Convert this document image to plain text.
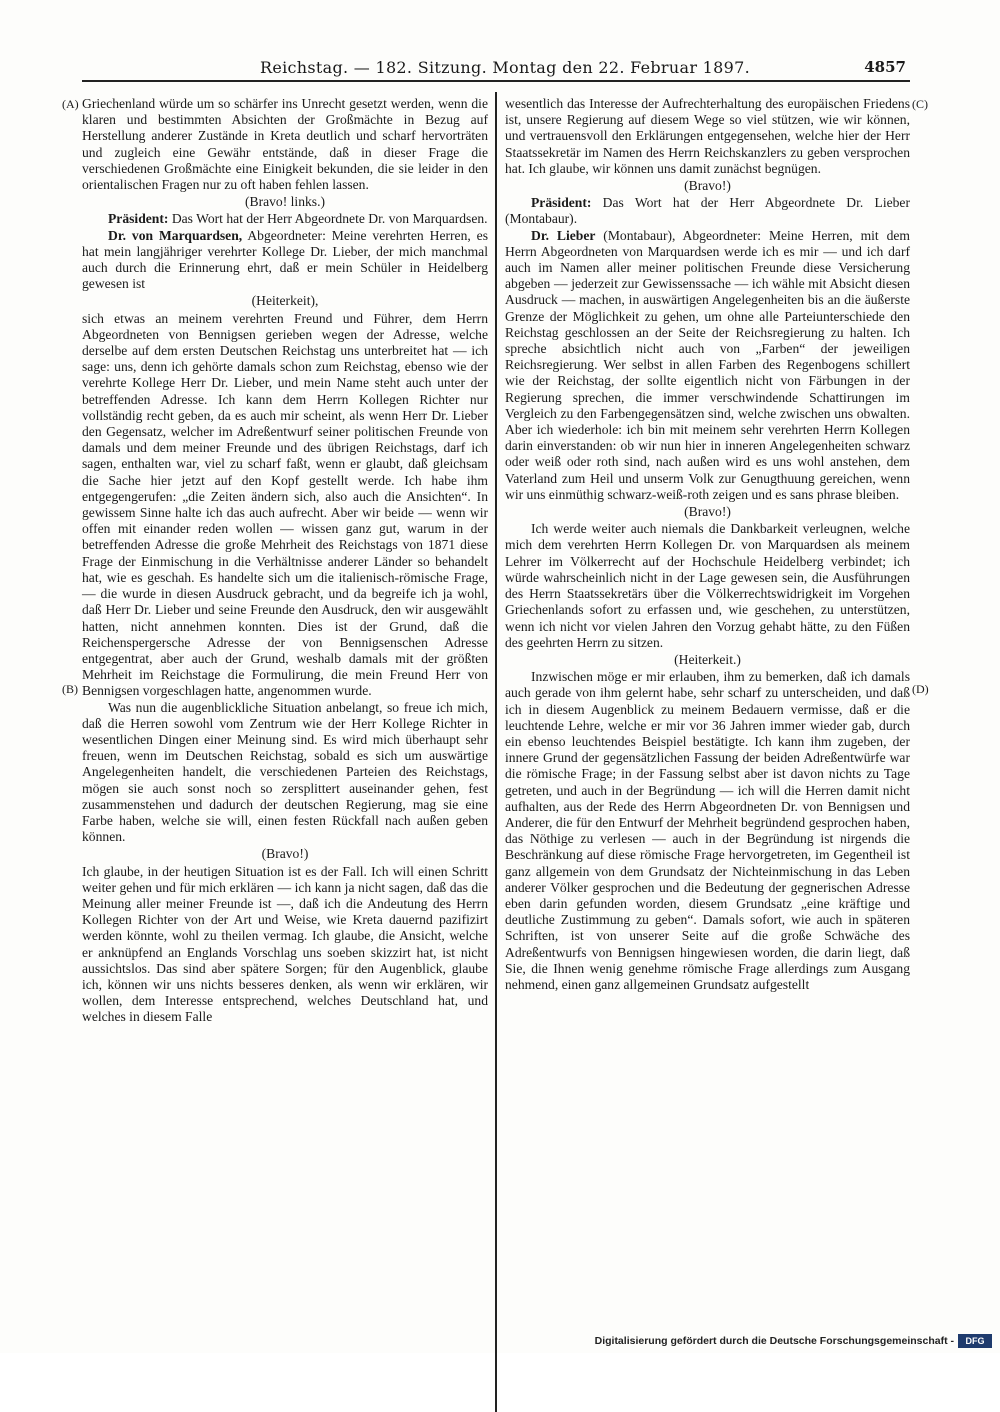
Reichstag. — 182. Sitzung. Montag den 22. Februar 1897.	4857
(A)
(B)
(C)
(D)

Griechenland würde um so schärfer ins Unrecht gesetzt werden, wenn die klaren und bestimmten Absichten der Großmächte in Bezug auf Herstellung anderer Zustände in Kreta deutlich und scharf hervorträten und zugleich eine Gewähr entstände, daß in dieser Frage die verschiedenen Großmächte eine Einigkeit bekunden, die sie leider in den orientalischen Fragen nur zu oft haben fehlen lassen.

(Bravo! links.)

Präsident: Das Wort hat der Herr Abgeordnete Dr. von Marquardsen.

Dr. von Marquardsen, Abgeordneter: Meine verehrten Herren, es hat mein langjähriger verehrter Kollege Dr. Lieber, der mich manchmal auch durch die Erinnerung ehrt, daß er mein Schüler in Heidelberg gewesen ist

(Heiterkeit),

sich etwas an meinem verehrten Freund und Führer, dem Herrn Abgeordneten von Bennigsen gerieben wegen der Adresse, welche derselbe auf dem ersten Deutschen Reichstag uns unterbreitet hat — ich sage: uns, denn ich gehörte damals schon zum Reichstag, ebenso wie der verehrte Kollege Herr Dr. Lieber, und mein Name steht auch unter der betreffenden Adresse. Ich kann dem Herrn Kollegen Richter nur vollständig recht geben, da es auch mir scheint, als wenn Herr Dr. Lieber den Gegensatz, welcher im Adreßentwurf seiner politischen Freunde von damals und dem meiner Freunde und des übrigen Reichstags, darf ich sagen, enthalten war, viel zu scharf faßt, wenn er glaubt, daß gleichsam die Sache hier jetzt auf den Kopf gestellt werde. Ich habe ihm entgegengerufen: „die Zeiten ändern sich, also auch die Ansichten“. In gewissem Sinne halte ich das auch aufrecht. Aber wir beide — wenn wir offen mit einander reden wollen — wissen ganz gut, warum in der betreffenden Adresse die große Mehrheit des Reichstags von 1871 diese Frage der Einmischung in die Verhältnisse anderer Länder so behandelt hat, wie es geschah. Es handelte sich um die italienisch-römische Frage, — die wurde in diesen Ausdruck gebracht, und da begreife ich ja wohl, daß Herr Dr. Lieber und seine Freunde den Ausdruck, den wir ausgewählt hatten, nicht annehmen konnten. Dies ist der Grund, daß die Reichenspergersche Adresse der von Bennigsenschen Adresse entgegentrat, aber auch der Grund, weshalb damals mit der größten Mehrheit im Reichstage die Formulirung, die mein Freund Herr von Bennigsen vorgeschlagen hatte, angenommen wurde.

Was nun die augenblickliche Situation anbelangt, so freue ich mich, daß die Herren sowohl vom Zentrum wie der Herr Kollege Richter in wesentlichen Dingen einer Meinung sind. Es wird mich überhaupt sehr freuen, wenn im Deutschen Reichstag, sobald es sich um auswärtige Angelegenheiten handelt, die verschiedenen Parteien des Reichstags, mögen sie auch sonst noch so zersplittert auseinander gehen, fest zusammenstehen und dadurch der deutschen Regierung, mag sie eine Farbe haben, welche sie will, einen festen Rückfall nach außen geben können.

(Bravo!)

Ich glaube, in der heutigen Situation ist es der Fall. Ich will einen Schritt weiter gehen und für mich erklären — ich kann ja nicht sagen, daß das die Meinung aller meiner Freunde ist —, daß ich die Andeutung des Herrn Kollegen Richter von der Art und Weise, wie Kreta dauernd pazifizirt werden könnte, wohl zu theilen vermag. Ich glaube, die Ansicht, welche er anknüpfend an Englands Vorschlag uns soeben skizzirt hat, ist nicht aussichtslos. Das sind aber spätere Sorgen; für den Augenblick, glaube ich, können wir uns nichts besseres denken, als wenn wir erklären, wir wollen, dem Interesse entsprechend, welches Deutschland hat, und welches in diesem Falle

wesentlich das Interesse der Aufrechterhaltung des europäischen Friedens ist, unsere Regierung auf diesem Wege so viel stützen, wie wir können, und vertrauensvoll den Erklärungen entgegensehen, welche hier der Herr Staatssekretär im Namen des Herrn Reichskanzlers zu geben versprochen hat. Ich glaube, wir können uns damit zunächst begnügen.

(Bravo!)

Präsident: Das Wort hat der Herr Abgeordnete Dr. Lieber (Montabaur).

Dr. Lieber (Montabaur), Abgeordneter: Meine Herren, mit dem Herrn Abgeordneten von Marquardsen werde ich es mir — und ich darf auch im Namen aller meiner politischen Freunde diese Versicherung abgeben — jederzeit zur Gewissenssache — ich wähle mit Absicht diesen Ausdruck — machen, in auswärtigen Angelegenheiten bis an die äußerste Grenze der Möglichkeit zu gehen, um ohne alle Parteiunterschiede den Reichstag geschlossen an der Seite der Reichsregierung zu halten. Ich spreche absichtlich nicht auch von „Farben“ der jeweiligen Reichsregierung. Wer selbst in allen Farben des Regenbogens schillert wie der Reichstag, der sollte eigentlich nicht von Färbungen in der Regierung sprechen, die immer verschwindende Schattirungen im Vergleich zu den Farbengegensätzen sind, welche zwischen uns obwalten. Aber ich wiederhole: ich bin mit meinem sehr verehrten Herrn Kollegen darin einverstanden: ob wir nun hier in inneren Angelegenheiten schwarz oder weiß oder roth sind, nach außen wird es uns wohl anstehen, dem Vaterland zum Heil und unserm Volk zur Genugthuung gereichen, wenn wir uns einmüthig schwarz-weiß-roth zeigen und es sans phrase bleiben.

(Bravo!)

Ich werde weiter auch niemals die Dankbarkeit verleugnen, welche mich dem verehrten Herrn Kollegen Dr. von Marquardsen als meinem Lehrer im Völkerrecht auf der Hochschule Heidelberg verbindet; ich würde wahrscheinlich nicht in der Lage gewesen sein, die Ausführungen des Herrn Staatssekretärs über die Völkerrechtswidrigkeit im Vorgehen Griechenlands sofort zu erfassen und, wie geschehen, zu unterstützen, wenn ich nicht vor vielen Jahren den Vorzug gehabt hätte, zu den Füßen des geehrten Herrn zu sitzen.

(Heiterkeit.)

Inzwischen möge er mir erlauben, ihm zu bemerken, daß ich damals auch gerade von ihm gelernt habe, sehr scharf zu unterscheiden, und daß ich in diesem Augenblick zu meinem Bedauern vermisse, daß er die leuchtende Lehre, welche er mir vor 36 Jahren immer wieder gab, durch ein ebenso leuchtendes Beispiel bestätigte. Ich kann ihm zugeben, der innere Grund der gegensätzlichen Fassung der beiden Adreßentwürfe war die römische Frage; in der Fassung selbst aber ist davon nichts zu Tage getreten, und auch in der Begründung — ich will die Herren damit nicht aufhalten, aus der Rede des Herrn Abgeordneten Dr. von Bennigsen und Anderer, die für den Entwurf der Mehrheit begründend gesprochen haben, das Nöthige zu verlesen — auch in der Begründung ist nirgends die Beschränkung auf diese römische Frage hervorgetreten, im Gegentheil ist ganz allgemein von dem Grundsatz der Nichteinmischung in das Leben anderer Völker gesprochen und die Bedeutung der gegnerischen Adresse eben darin gefunden worden, diesem Grundsatz „eine kräftige und deutliche Zustimmung zu geben“. Damals sofort, wie auch in späteren Schriften, ist von unserer Seite auf die große Schwäche des Adreßentwurfs von Bennigsen hingewiesen worden, die darin liegt, daß Sie, die Ihnen wenig genehme römische Frage allerdings zum Ausgang nehmend, einen ganz allgemeinen Grundsatz aufgestellt

Digitalisierung gefördert durch die Deutsche Forschungsgemeinschaft -	DFG
